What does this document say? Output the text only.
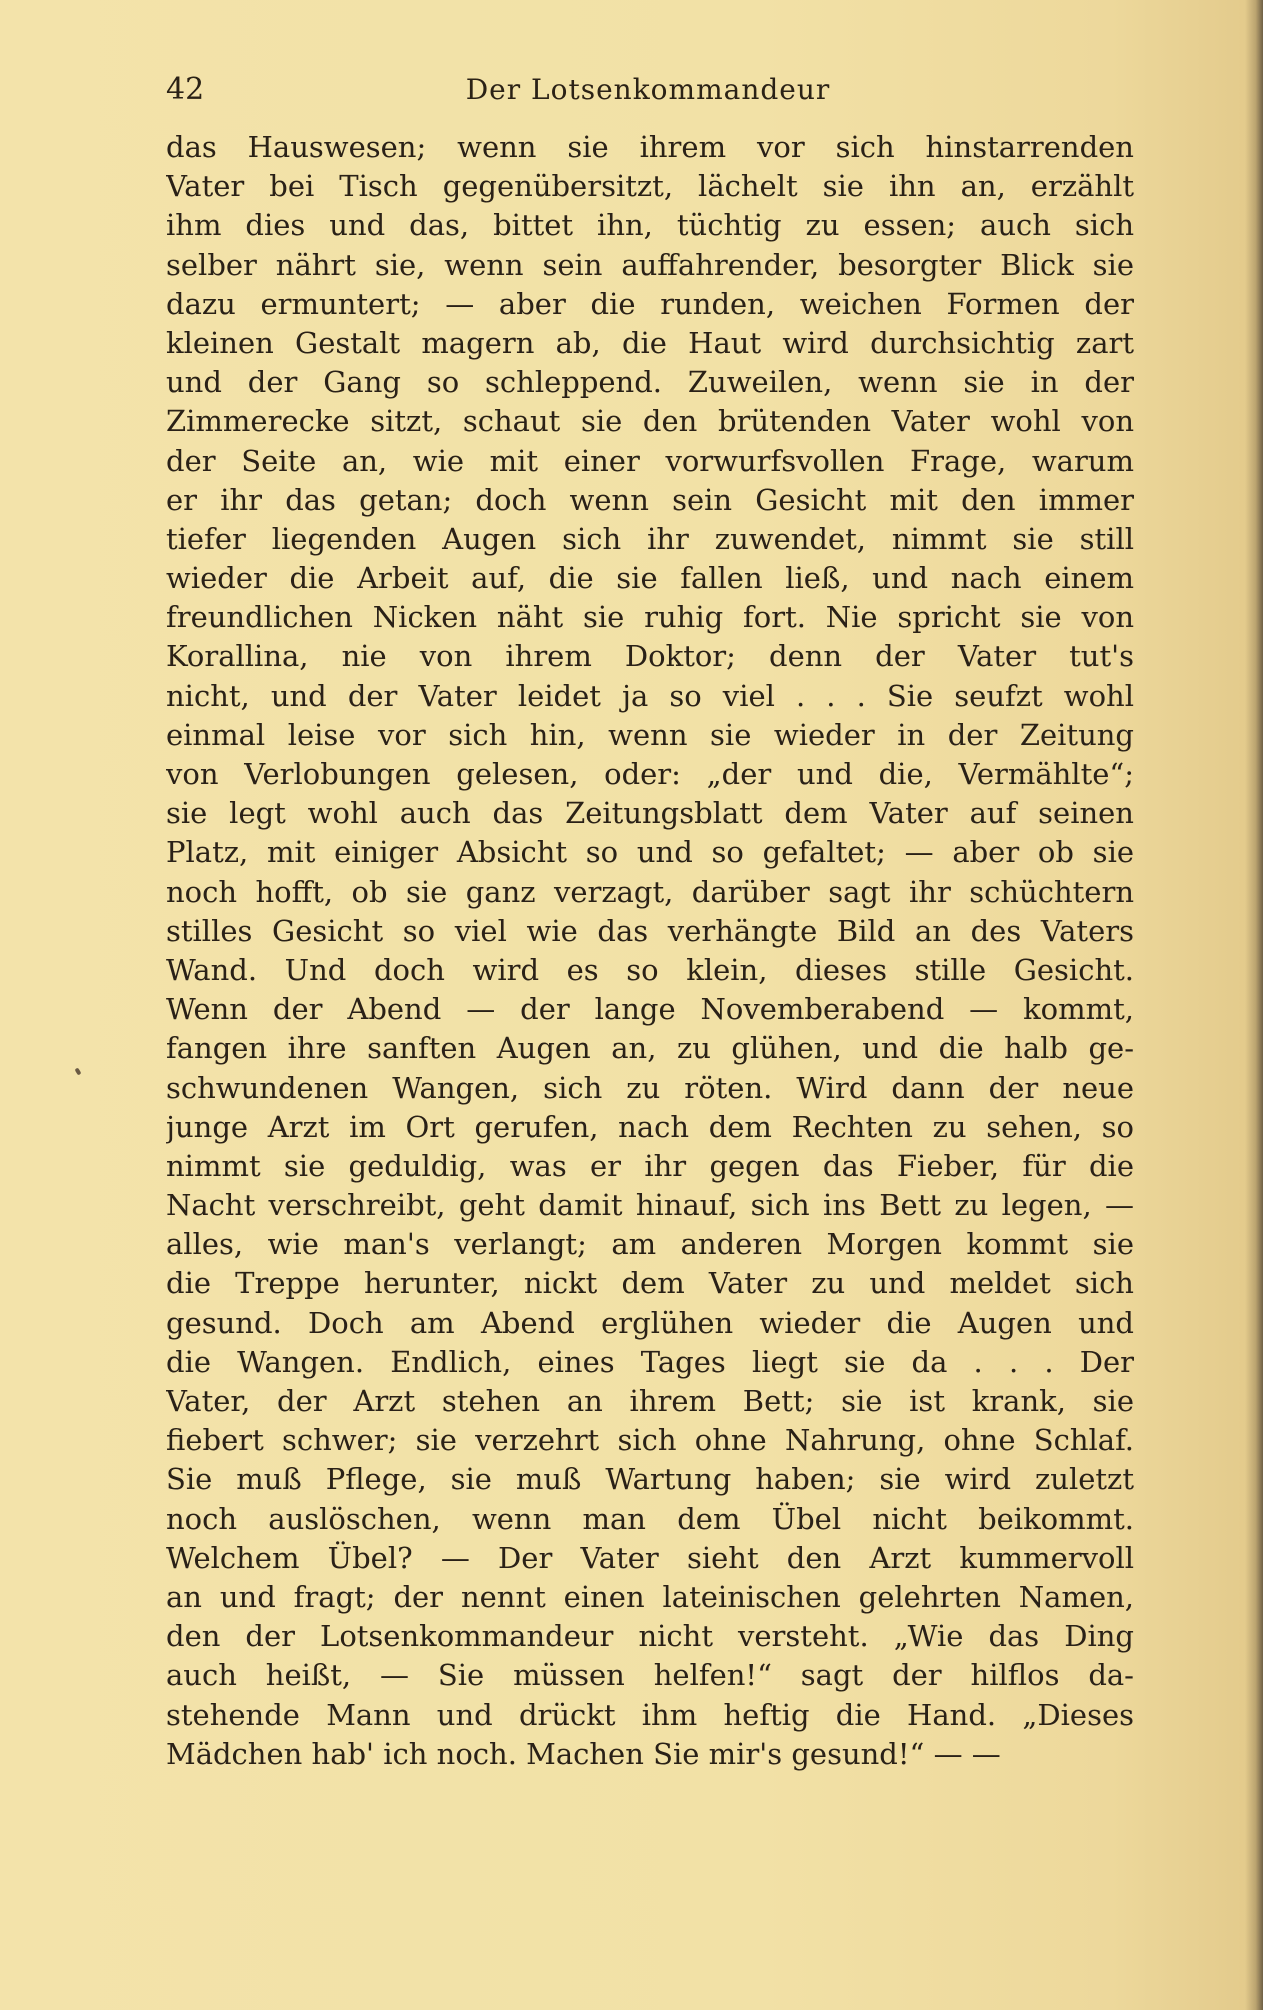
42	Der Lotsenkommandeur
das Hauswesen; wenn sie ihrem vor sich hinstarrenden
Vater bei Tisch gegenübersitzt, lächelt sie ihn an, erzählt
ihm dies und das, bittet ihn, tüchtig zu essen; auch sich
selber nährt sie, wenn sein auffahrender, besorgter Blick sie
dazu ermuntert; — aber die runden, weichen Formen der
kleinen Gestalt magern ab, die Haut wird durchsichtig zart
und der Gang so schleppend. Zuweilen, wenn sie in der
Zimmerecke sitzt, schaut sie den brütenden Vater wohl von
der Seite an, wie mit einer vorwurfsvollen Frage, warum
er ihr das getan; doch wenn sein Gesicht mit den immer
tiefer liegenden Augen sich ihr zuwendet, nimmt sie still
wieder die Arbeit auf, die sie fallen ließ, und nach einem
freundlichen Nicken näht sie ruhig fort. Nie spricht sie von
Korallina, nie von ihrem Doktor; denn der Vater tut's
nicht, und der Vater leidet ja so viel . . . Sie seufzt wohl
einmal leise vor sich hin, wenn sie wieder in der Zeitung
von Verlobungen gelesen, oder: „der und die, Vermählte“;
sie legt wohl auch das Zeitungsblatt dem Vater auf seinen
Platz, mit einiger Absicht so und so gefaltet; — aber ob sie
noch hofft, ob sie ganz verzagt, darüber sagt ihr schüchtern
stilles Gesicht so viel wie das verhängte Bild an des Vaters
Wand. Und doch wird es so klein, dieses stille Gesicht.
Wenn der Abend — der lange Novemberabend — kommt,
fangen ihre sanften Augen an, zu glühen, und die halb ge-
schwundenen Wangen, sich zu röten. Wird dann der neue
junge Arzt im Ort gerufen, nach dem Rechten zu sehen, so
nimmt sie geduldig, was er ihr gegen das Fieber, für die
Nacht verschreibt, geht damit hinauf, sich ins Bett zu legen, —
alles, wie man's verlangt; am anderen Morgen kommt sie
die Treppe herunter, nickt dem Vater zu und meldet sich
gesund. Doch am Abend erglühen wieder die Augen und
die Wangen. Endlich, eines Tages liegt sie da . . . Der
Vater, der Arzt stehen an ihrem Bett; sie ist krank, sie
fiebert schwer; sie verzehrt sich ohne Nahrung, ohne Schlaf.
Sie muß Pflege, sie muß Wartung haben; sie wird zuletzt
noch auslöschen, wenn man dem Übel nicht beikommt.
Welchem Übel? — Der Vater sieht den Arzt kummervoll
an und fragt; der nennt einen lateinischen gelehrten Namen,
den der Lotsenkommandeur nicht versteht. „Wie das Ding
auch heißt, — Sie müssen helfen!“ sagt der hilflos da-
stehende Mann und drückt ihm heftig die Hand. „Dieses
Mädchen hab' ich noch. Machen Sie mir's gesund!“ — —
